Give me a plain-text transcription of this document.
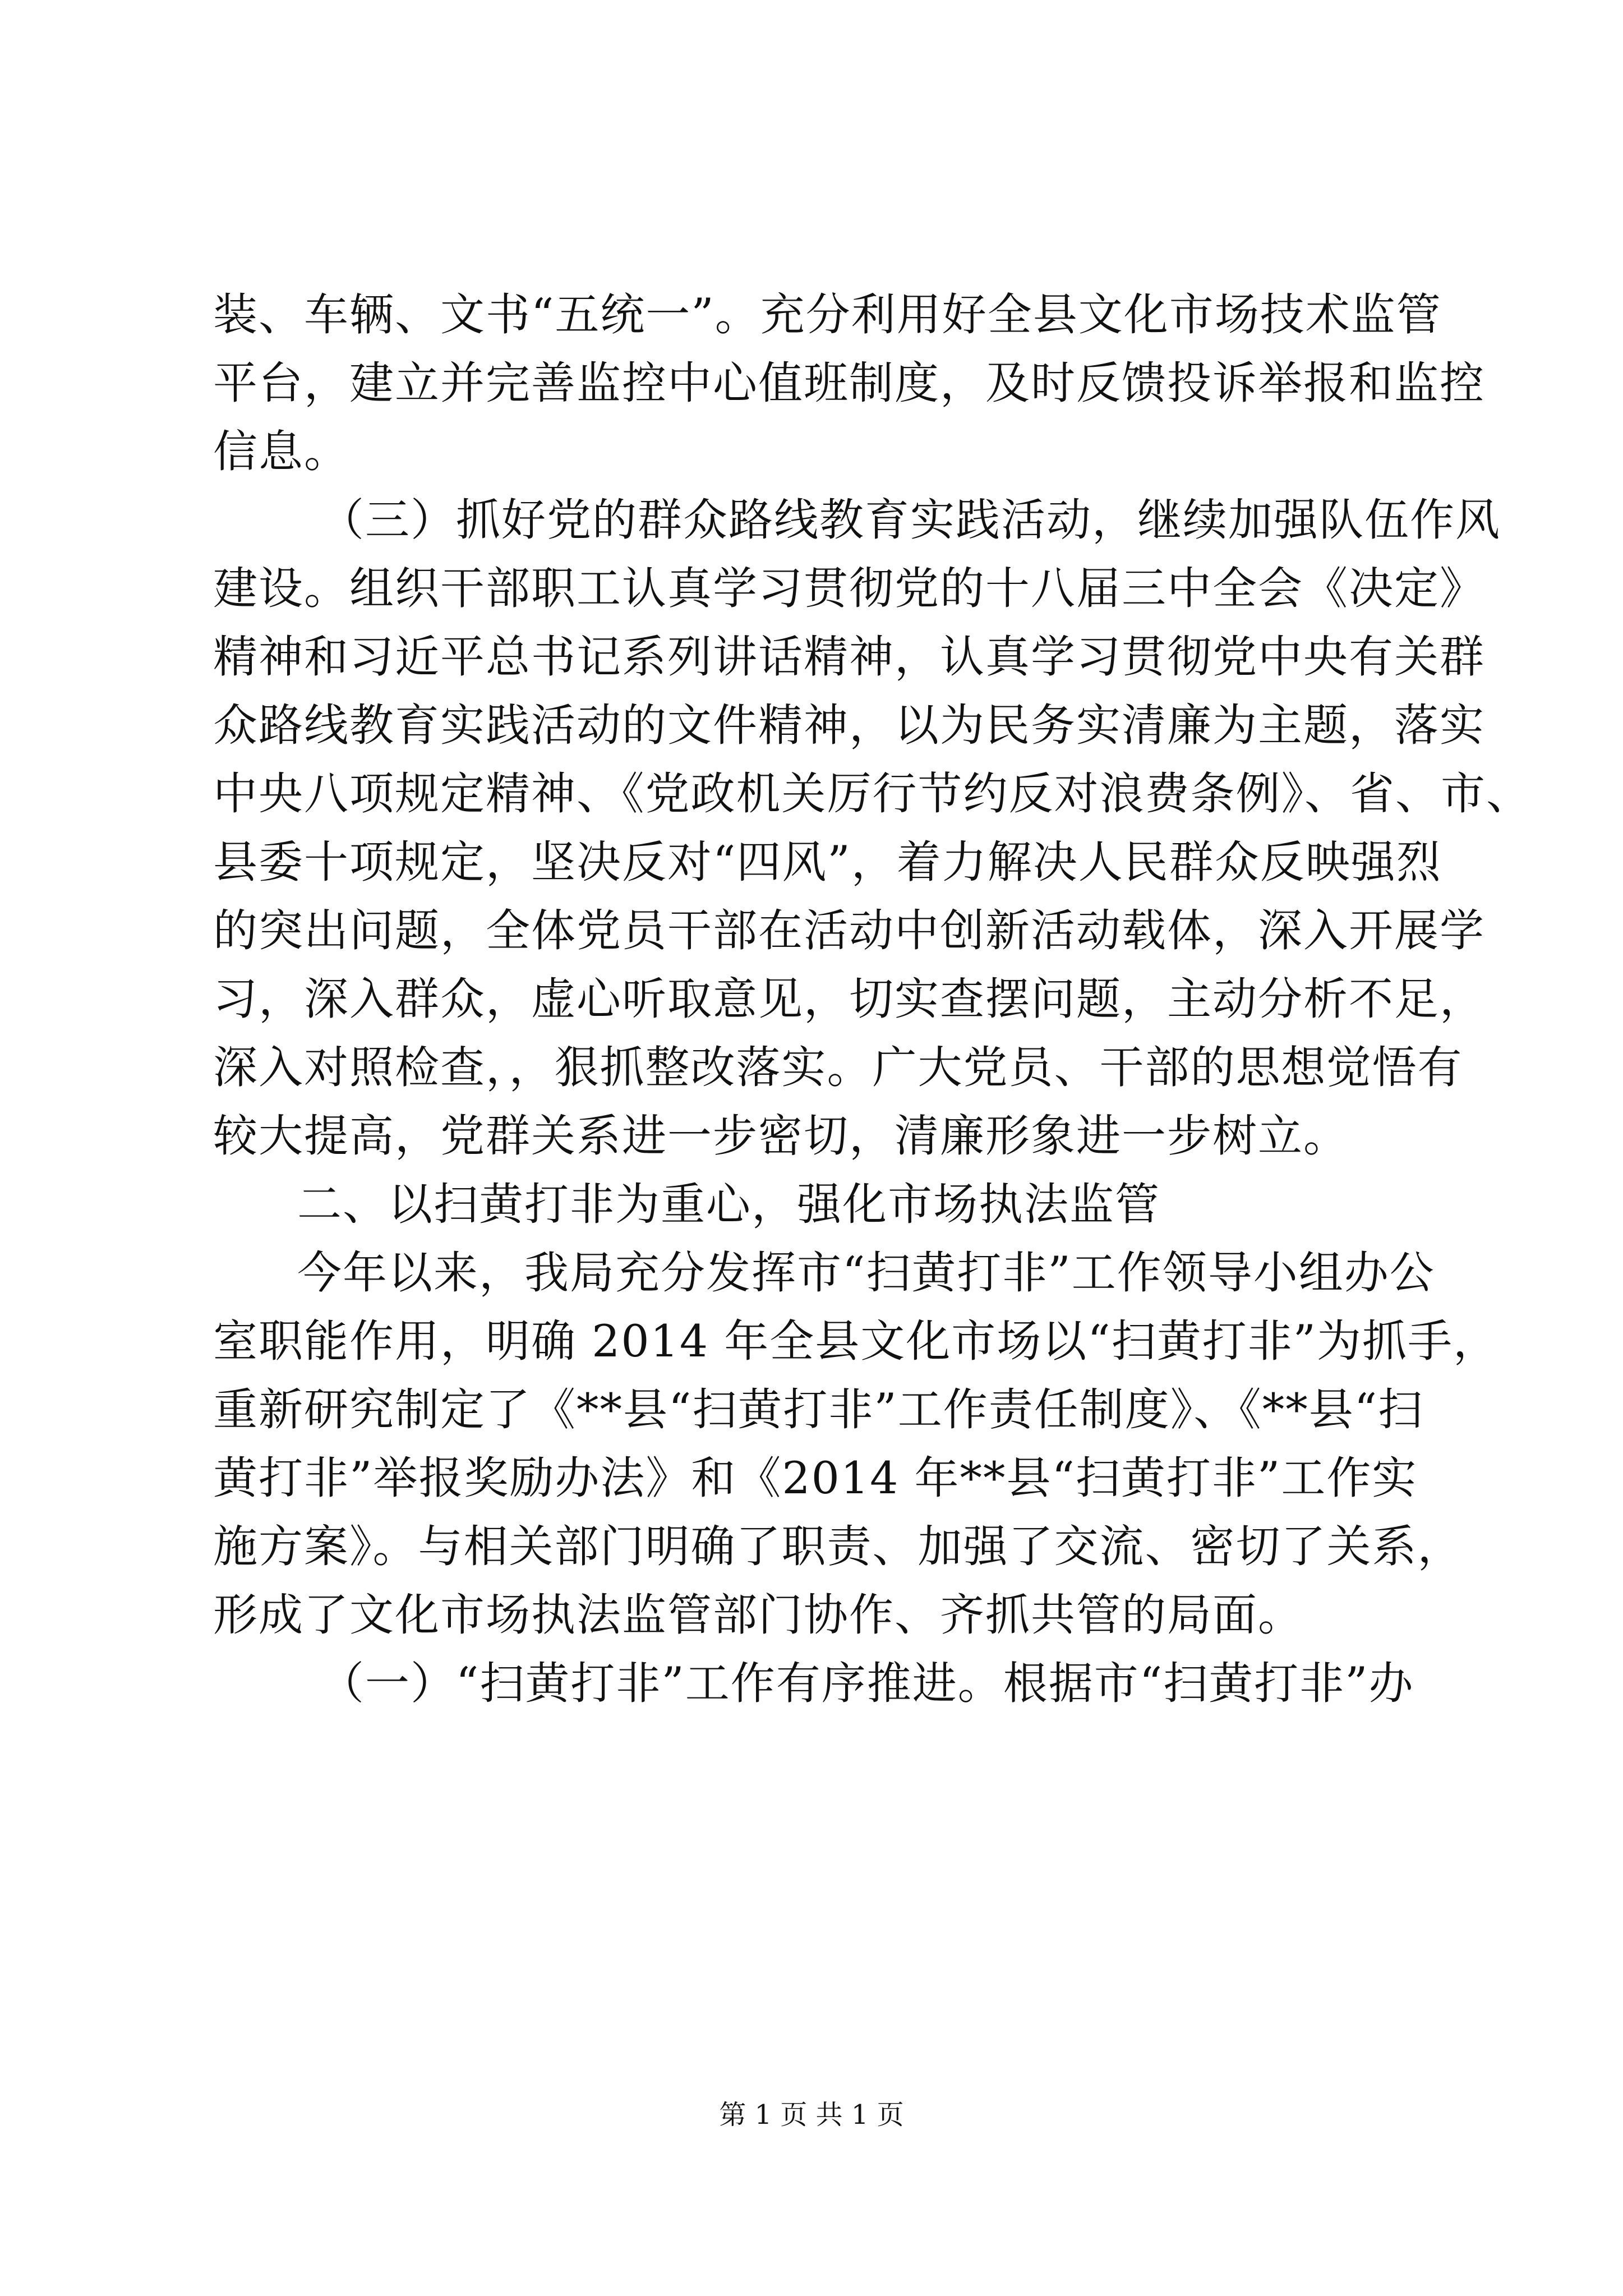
装、车辆、文书“五统一”。充分利用好全县文化市场技术监管
平台，建立并完善监控中心值班制度，及时反馈投诉举报和监控
信息。
（三）抓好党的群众路线教育实践活动，继续加强队伍作风
建设。组织干部职工认真学习贯彻党的十八届三中全会《决定》
精神和习近平总书记系列讲话精神，认真学习贯彻党中央有关群
众路线教育实践活动的文件精神，以为民务实清廉为主题，落实
中央八项规定精神、《党政机关厉行节约反对浪费条例》、省、市、
县委十项规定，坚决反对“四风”，着力解决人民群众反映强烈
的突出问题，全体党员干部在活动中创新活动载体，深入开展学
习，深入群众，虚心听取意见，切实查摆问题，主动分析不足，
深入对照检查，，狠抓整改落实。广大党员、干部的思想觉悟有
较大提高，党群关系进一步密切，清廉形象进一步树立。
二、以扫黄打非为重心，强化市场执法监管
今年以来，我局充分发挥市“扫黄打非”工作领导小组办公
室职能作用，明确 2014 年全县文化市场以“扫黄打非”为抓手，
重新研究制定了《**县“扫黄打非”工作责任制度》、《**县“扫
黄打非”举报奖励办法》和《2014 年**县“扫黄打非”工作实
施方案》。与相关部门明确了职责、加强了交流、密切了关系，
形成了文化市场执法监管部门协作、齐抓共管的局面。
（一）“扫黄打非”工作有序推进。根据市“扫黄打非”办
第 1 页 共 1 页
